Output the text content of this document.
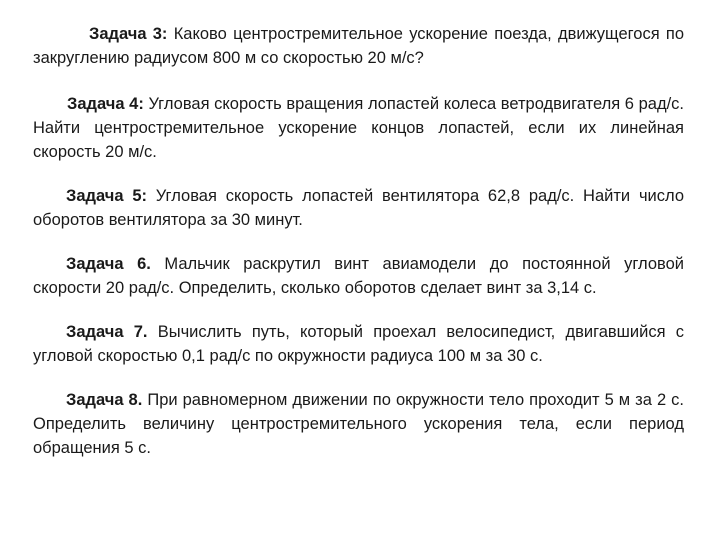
Задача 3: Каково центростремительное ускорение поезда, движущегося по закруглению радиусом 800 м со скоростью 20 м/с?

Задача 4: Угловая скорость вращения лопастей колеса ветродвигателя 6 рад/с. Найти центростремительное ускорение концов лопастей, если их линейная скорость 20 м/с.

Задача 5: Угловая скорость лопастей вентилятора 62,8 рад/с. Найти число оборотов вентилятора за 30 минут.

Задача 6. Мальчик раскрутил винт авиамодели до постоянной угловой скорости 20 рад/с. Определить, сколько оборотов сделает винт за 3,14 с.

Задача 7. Вычислить путь, который проехал велосипедист, двигавшийся с угловой скоростью 0,1 рад/с по окружности радиуса 100 м за 30 с.

Задача 8. При равномерном движении по окружности тело проходит 5 м за 2 с. Определить величину центростремительного ускорения тела, если период обращения 5 с.
